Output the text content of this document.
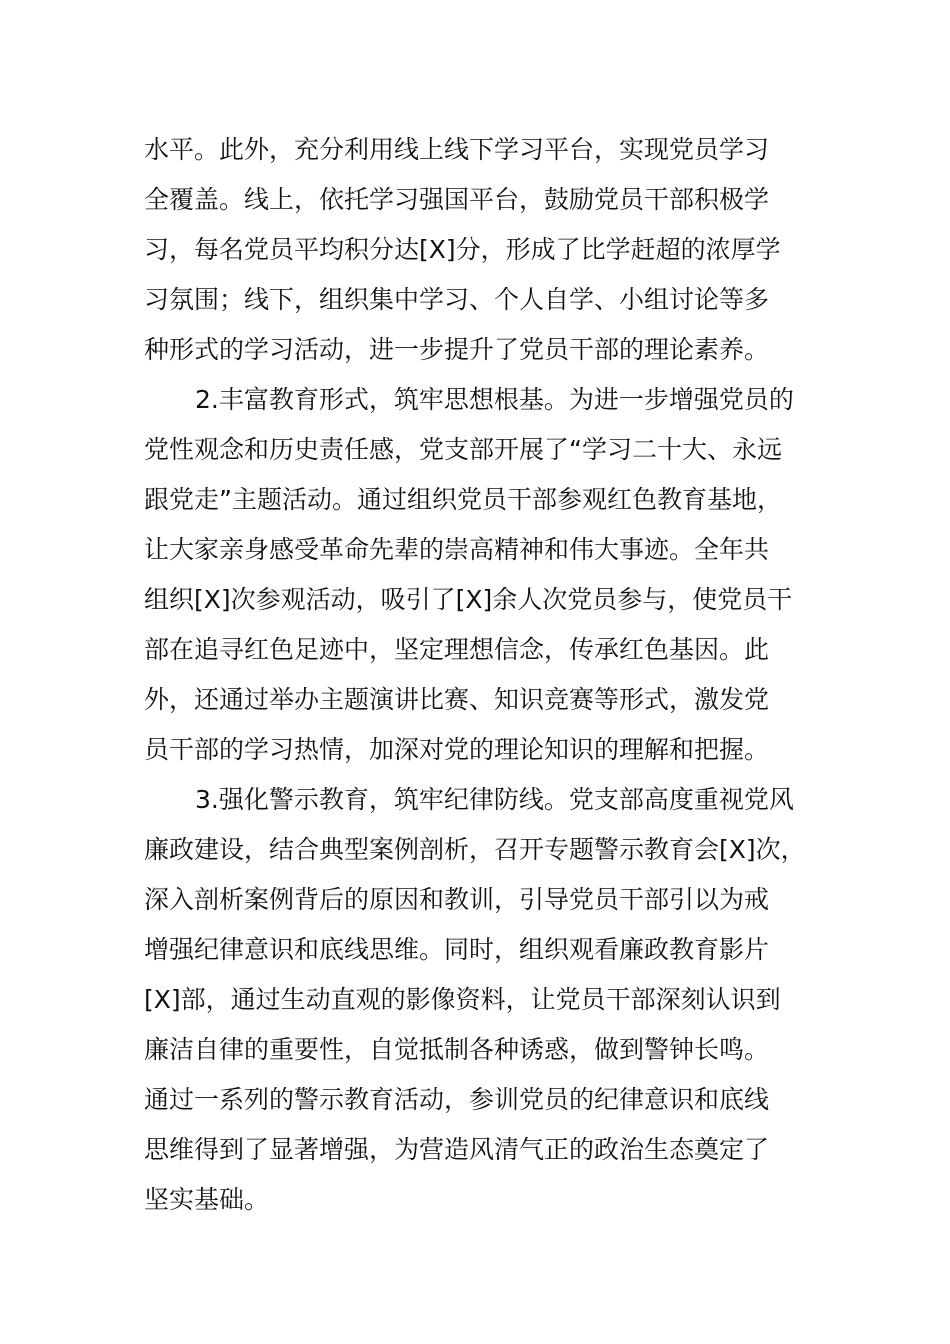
水平。此外，充分利用线上线下学习平台，实现党员学习
全覆盖。线上，依托学习强国平台，鼓励党员干部积极学
习，每名党员平均积分达[X]分，形成了比学赶超的浓厚学
习氛围；线下，组织集中学习、个人自学、小组讨论等多
种形式的学习活动，进一步提升了党员干部的理论素养。
2.丰富教育形式，筑牢思想根基。为进一步增强党员的
党性观念和历史责任感，党支部开展了“学习二十大、永远
跟党走”主题活动。通过组织党员干部参观红色教育基地，
让大家亲身感受革命先辈的崇高精神和伟大事迹。全年共
组织[X]次参观活动，吸引了[X]余人次党员参与，使党员干
部在追寻红色足迹中，坚定理想信念，传承红色基因。此
外，还通过举办主题演讲比赛、知识竞赛等形式，激发党
员干部的学习热情，加深对党的理论知识的理解和把握。
3.强化警示教育，筑牢纪律防线。党支部高度重视党风
廉政建设，结合典型案例剖析，召开专题警示教育会[X]次，
深入剖析案例背后的原因和教训，引导党员干部引以为戒
增强纪律意识和底线思维。同时，组织观看廉政教育影片
[X]部，通过生动直观的影像资料，让党员干部深刻认识到
廉洁自律的重要性，自觉抵制各种诱惑，做到警钟长鸣。
通过一系列的警示教育活动，参训党员的纪律意识和底线
思维得到了显著增强，为营造风清气正的政治生态奠定了
坚实基础。
